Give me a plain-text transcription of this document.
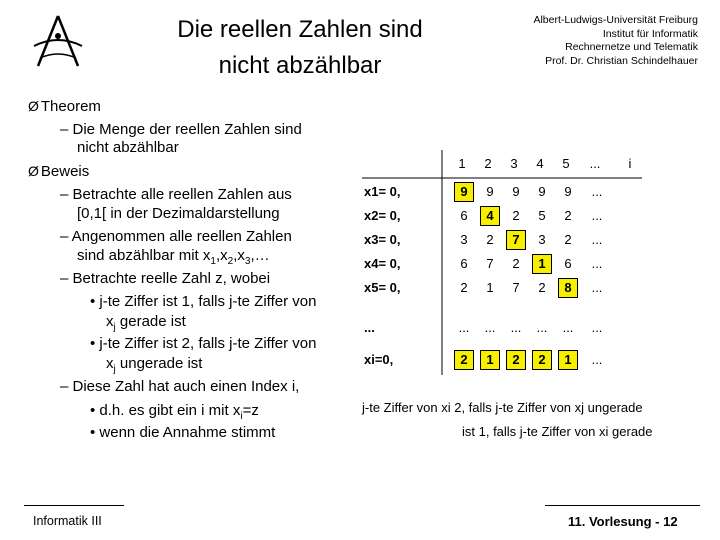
Die reellen Zahlen sind
nicht abzählbar
Albert-Ludwigs-Universität Freiburg
Institut für Informatik
Rechnernetze und Telematik
Prof. Dr. Christian Schindelhauer
Ø Theorem
– Die Menge der reellen Zahlen sind
nicht abzählbar
Ø Beweis
– Betrachte alle reellen Zahlen aus
[0,1[ in der Dezimaldarstellung
– Angenommen alle reellen Zahlen
sind abzählbar mit $x_1,x_2,x_3,\dots$
– Betrachte reelle Zahl z, wobei
• j-te Ziffer ist 1, falls j-te Ziffer von
$x_j$ gerade ist
• j-te Ziffer ist 2, falls j-te Ziffer von
$x_j$ ungerade ist
– Diese Zahl hat auch einen Index i,
• d.h. es gibt ein i mit $x_i=z$
• wenn die Annahme stimmt
1	2	3	4	5	...	i
x1= 0,	9	9	9	9	9	...
x2= 0,	6	4	2	5	2	...
x3= 0,	3	2	7	3	2	...
x4= 0,	6	7	2	1	6	...
x5= 0,	2	1	7	2	8	...
...	...	...	...	...	...	...
xi=0,	2	1	2	2	1	...
j-te Ziffer von xi 2, falls j-te Ziffer von xj ungerade
ist 1, falls j-te Ziffer von xi gerade
Informatik III	11. Vorlesung - 12
